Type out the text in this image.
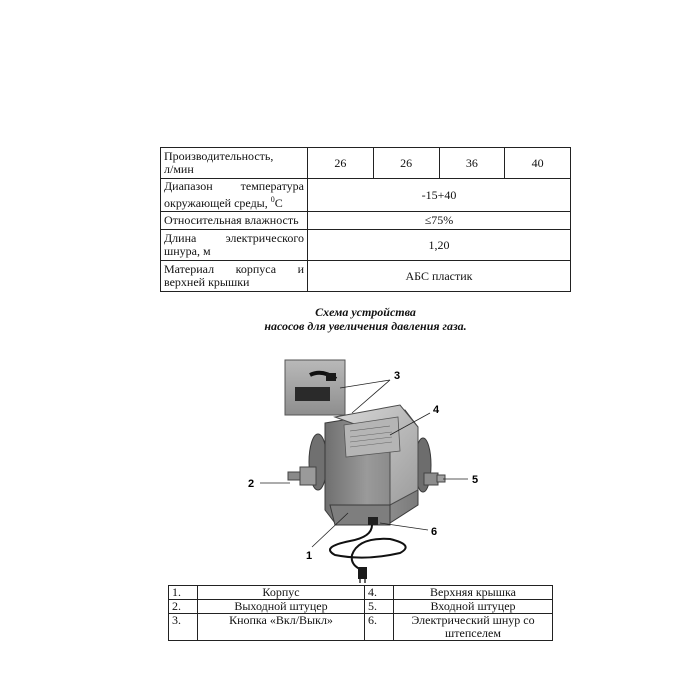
Производительность,
л/мин	26	26	36	40

Диапазон температура
окружающей среды, $^0$С	-15+40			

Относительная влажность	≤75%			

Длина электрического
шнура, м	1,20			

Материал корпуса и
верхней крышки	АБС пластик			
Схема устройства
насосов для увеличения давления газа.
3
4
2	5
6
1
1.	Корпус	4.	Верхняя крышка
2.	Выходной штуцер	5.	Входной штуцер
3.	Кнопка «Вкл/Выкл»	6.	Электрический шнур со
штепселем
